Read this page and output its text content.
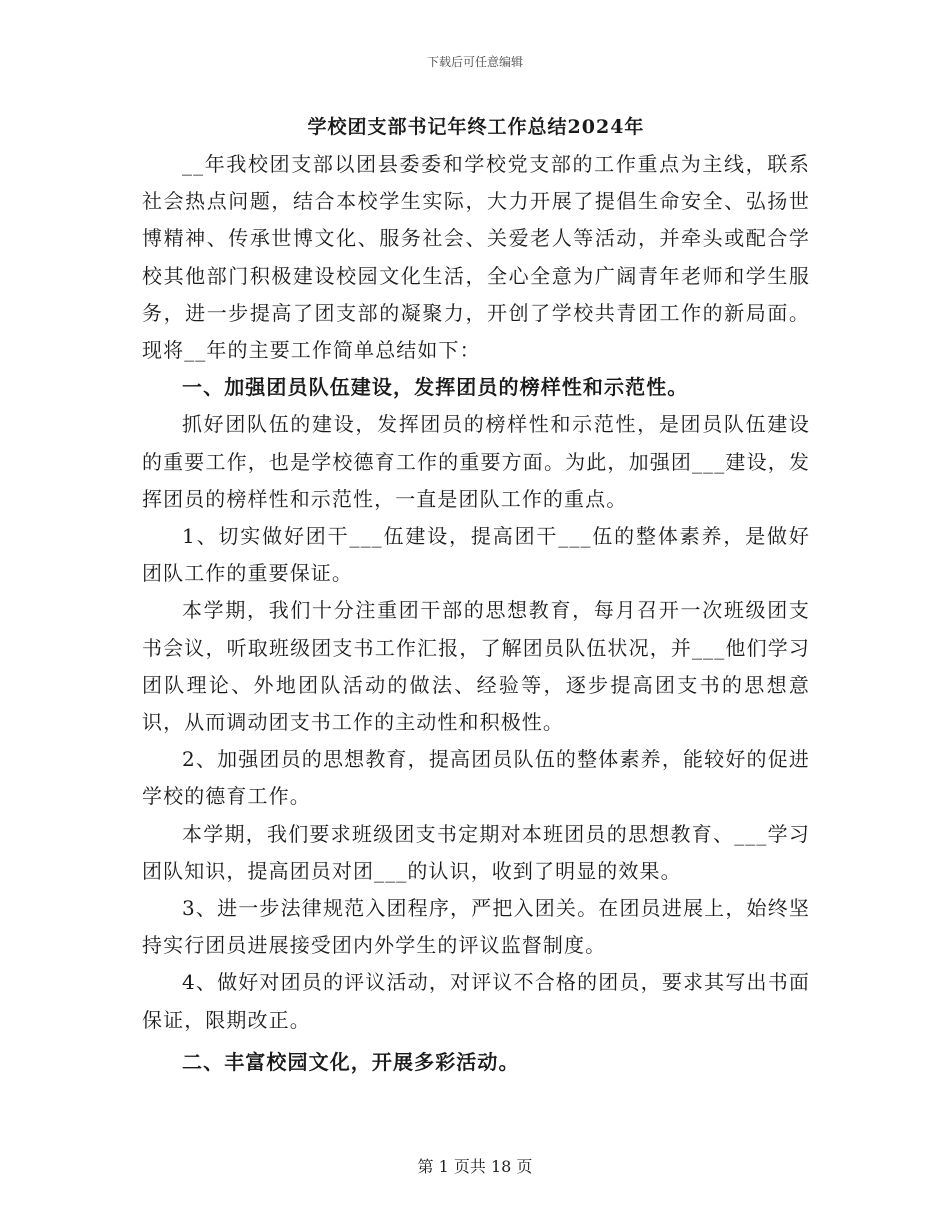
下载后可任意编辑
学校团支部书记年终工作总结2024年

__年我校团支部以团县委委和学校党支部的工作重点为主线，联系社会热点问题，结合本校学生实际，大力开展了提倡生命安全、弘扬世博精神、传承世博文化、服务社会、关爱老人等活动，并牵头或配合学校其他部门积极建设校园文化生活，全心全意为广阔青年老师和学生服务，进一步提高了团支部的凝聚力，开创了学校共青团工作的新局面。现将__年的主要工作简单总结如下：

一、加强团员队伍建设，发挥团员的榜样性和示范性。

抓好团队伍的建设，发挥团员的榜样性和示范性，是团员队伍建设的重要工作，也是学校德育工作的重要方面。为此，加强团___建设，发挥团员的榜样性和示范性，一直是团队工作的重点。

1、切实做好团干___伍建设，提高团干___伍的整体素养，是做好团队工作的重要保证。

本学期，我们十分注重团干部的思想教育，每月召开一次班级团支书会议，听取班级团支书工作汇报，了解团员队伍状况，并___他们学习团队理论、外地团队活动的做法、经验等，逐步提高团支书的思想意识，从而调动团支书工作的主动性和积极性。

2、加强团员的思想教育，提高团员队伍的整体素养，能较好的促进学校的德育工作。

本学期，我们要求班级团支书定期对本班团员的思想教育、___学习团队知识，提高团员对团___的认识，收到了明显的效果。

3、进一步法律规范入团程序，严把入团关。在团员进展上，始终坚持实行团员进展接受团内外学生的评议监督制度。

4、做好对团员的评议活动，对评议不合格的团员，要求其写出书面保证，限期改正。

二、丰富校园文化，开展多彩活动。

第 1 页共 18 页
